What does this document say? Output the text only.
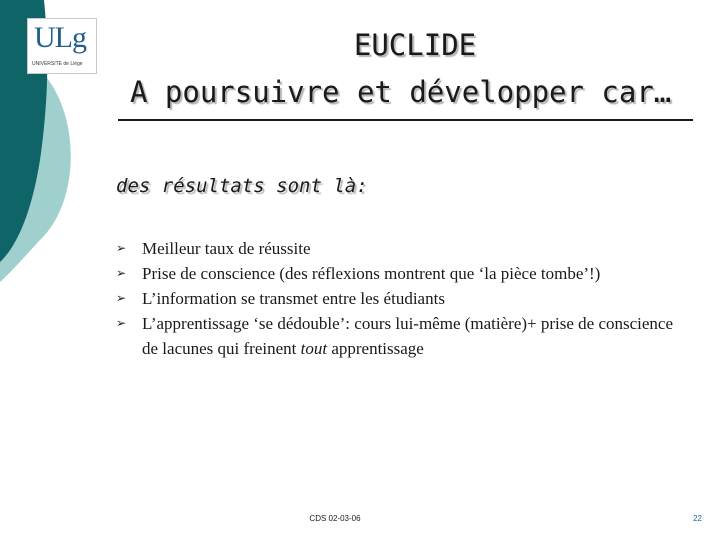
ULg
UNIVERSITÉ de Liège
EUCLIDE
A poursuivre et développer car…
des résultats sont là:
➢ Meilleur taux de réussite
➢ Prise de conscience (des réflexions montrent que ‘la pièce tombe’!)
➢ L’information se transmet entre les étudiants
➢ L’apprentissage ‘se dédouble’: cours lui-même (matière)+ prise de conscience de lacunes qui freinent tout apprentissage
CDS 02-03-06	22
